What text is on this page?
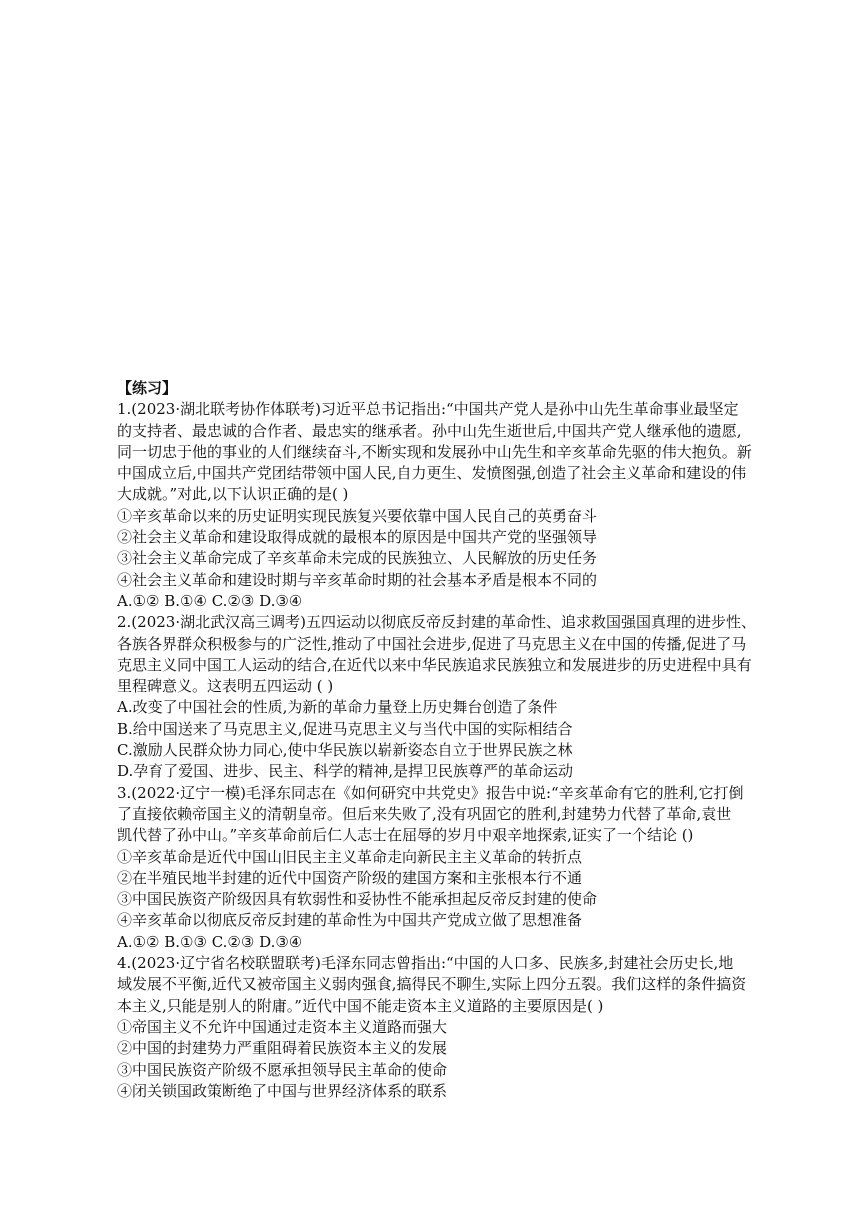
【练习】

1.(2023·湖北联考协作体联考)习近平总书记指出:“中国共产党人是孙中山先生革命事业最坚定

的支持者、最忠诚的合作者、最忠实的继承者。孙中山先生逝世后,中国共产党人继承他的遗愿,

同一切忠于他的事业的人们继续奋斗,不断实现和发展孙中山先生和辛亥革命先驱的伟大抱负。新

中国成立后,中国共产党团结带领中国人民,自力更生、发愤图强,创造了社会主义革命和建设的伟

大成就。”对此,以下认识正确的是( )

①辛亥革命以来的历史证明实现民族复兴要依靠中国人民自己的英勇奋斗

②社会主义革命和建设取得成就的最根本的原因是中国共产党的坚强领导

③社会主义革命完成了辛亥革命未完成的民族独立、人民解放的历史任务

④社会主义革命和建设时期与辛亥革命时期的社会基本矛盾是根本不同的

A.①② B.①④ C.②③ D.③④

2.(2023·湖北武汉高三调考)五四运动以彻底反帝反封建的革命性、追求救国强国真理的进步性、

各族各界群众积极参与的广泛性,推动了中国社会进步,促进了马克思主义在中国的传播,促进了马

克思主义同中国工人运动的结合,在近代以来中华民族追求民族独立和发展进步的历史进程中具有

里程碑意义。这表明五四运动 ( )

A.改变了中国社会的性质,为新的革命力量登上历史舞台创造了条件

B.给中国送来了马克思主义,促进马克思主义与当代中国的实际相结合

C.激励人民群众协力同心,使中华民族以崭新姿态自立于世界民族之林

D.孕育了爱国、进步、民主、科学的精神,是捍卫民族尊严的革命运动

3.(2022·辽宁一模)毛泽东同志在《如何研究中共党史》报告中说:“辛亥革命有它的胜利,它打倒

了直接依赖帝国主义的清朝皇帝。但后来失败了,没有巩固它的胜利,封建势力代替了革命,袁世

凯代替了孙中山。”辛亥革命前后仁人志士在屈辱的岁月中艰辛地探索,证实了一个结论 ()

①辛亥革命是近代中国山旧民主主义革命走向新民主主义革命的转折点

②在半殖民地半封建的近代中国资产阶级的建国方案和主张根本行不通

③中国民族资产阶级因具有软弱性和妥协性不能承担起反帝反封建的使命

④辛亥革命以彻底反帝反封建的革命性为中国共产党成立做了思想准备

A.①② B.①③ C.②③ D.③④

4.(2023·辽宁省名校联盟联考)毛泽东同志曾指出:“中国的人口多、民族多,封建社会历史长,地

域发展不平衡,近代又被帝国主义弱肉强食,搞得民不聊生,实际上四分五裂。我们这样的条件搞资

本主义,只能是别人的附庸。”近代中国不能走资本主义道路的主要原因是( )

①帝国主义不允许中国通过走资本主义道路而强大

②中国的封建势力严重阻碍着民族资本主义的发展

③中国民族资产阶级不愿承担领导民主革命的使命

④闭关锁国政策断绝了中国与世界经济体系的联系
